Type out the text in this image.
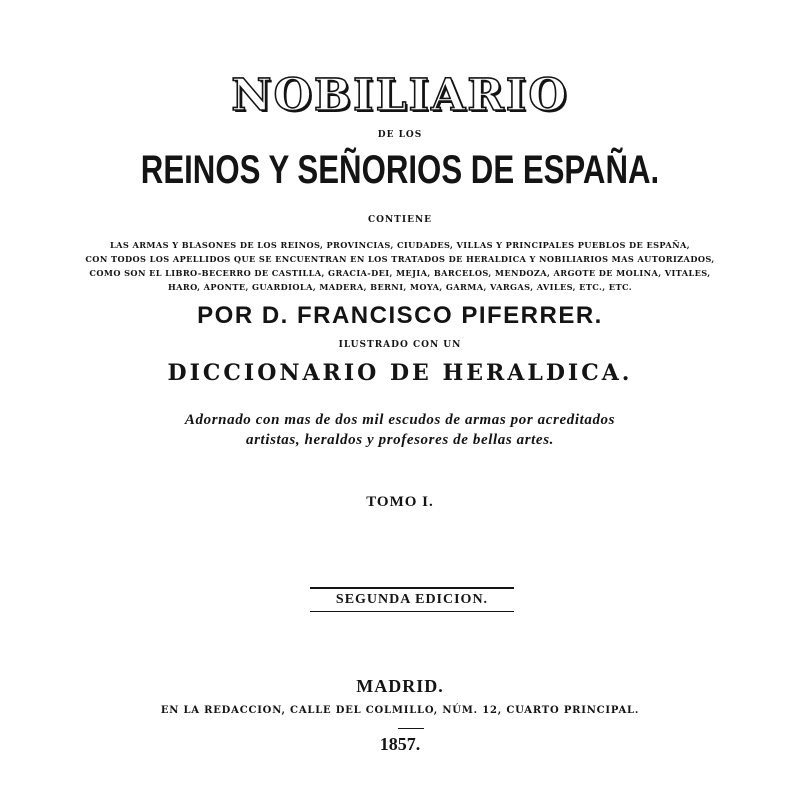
NOBILIARIO
DE LOS
REINOS Y SEÑORIOS DE ESPAÑA.
CONTIENE
LAS ARMAS Y BLASONES DE LOS REINOS, PROVINCIAS, CIUDADES, VILLAS Y PRINCIPALES PUEBLOS DE ESPAÑA,
CON TODOS LOS APELLIDOS QUE SE ENCUENTRAN EN LOS TRATADOS DE HERALDICA Y NOBILIARIOS MAS AUTORIZADOS,
COMO SON EL LIBRO-BECERRO DE CASTILLA, GRACIA-DEI, MEJIA, BARCELOS, MENDOZA, ARGOTE DE MOLINA, VITALES,
HARO, APONTE, GUARDIOLA, MADERA, BERNI, MOYA, GARMA, VARGAS, AVILES, ETC., ETC.
POR D. FRANCISCO PIFERRER.
ILUSTRADO CON UN
DICCIONARIO DE HERALDICA.
Adornado con mas de dos mil escudos de armas por acreditados
artistas, heraldos y profesores de bellas artes.
TOMO I.
SEGUNDA EDICION.
MADRID.
EN LA REDACCION, CALLE DEL COLMILLO, NÚM. 12, CUARTO PRINCIPAL.
1857.
